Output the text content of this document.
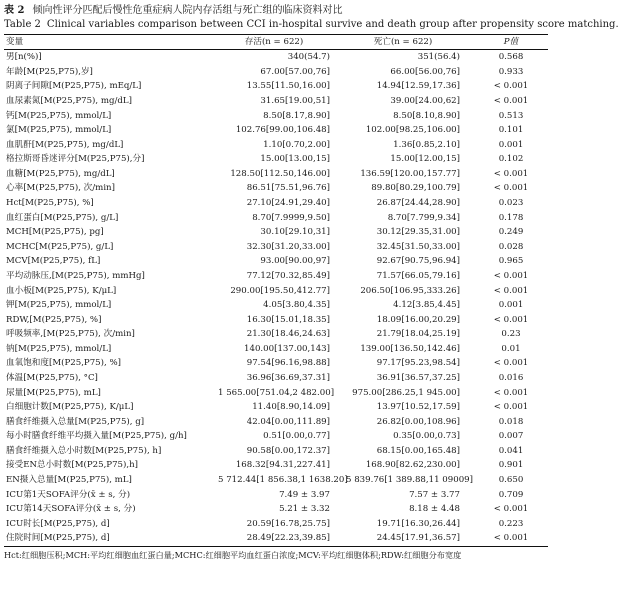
表 2 倾向性评分匹配后慢性危重症病人院内存活组与死亡组的临床资料对比
Table 2 Clinical variables comparison between CCI in-hospital survive and death group after propensity score matching.
变量	存活(n = 622)	死亡(n = 622)	P值
男[n(%)]	340(54.7)	351(56.4)	0.568
年龄[M(P25,P75),岁]	67.00[57.00,76]	66.00[56.00,76]	0.933
阴离子间隙[M(P25,P75), mEq/L]	13.55[11.50,16.00]	14.94[12.59,17.36]	< 0.001
血尿素氮[M(P25,P75), mg/dL]	31.65[19.00,51]	39.00[24.00,62]	< 0.001
钙[M(P25,P75), mmol/L]	8.50[8.17,8.90]	8.50[8.10,8.90]	0.513
氯[M(P25,P75), mmol/L]	102.76[99.00,106.48]	102.00[98.25,106.00]	0.101
血肌酐[M(P25,P75), mg/dL]	1.10[0.70,2.00]	1.36[0.85,2.10]	0.001
格拉斯哥昏迷评分[M(P25,P75),分]	15.00[13.00,15]	15.00[12.00,15]	0.102
血糖[M(P25,P75), mg/dL]	128.50[112.50,146.00]	136.59[120.00,157.77]	< 0.001
心率[M(P25,P75), 次/min]	86.51[75.51,96.76]	89.80[80.29,100.79]	< 0.001
Hct[M(P25,P75), %]	27.10[24.91,29.40]	26.87[24.44,28.90]	0.023
血红蛋白[M(P25,P75), g/L]	8.70[7.9999,9.50]	8.70[7.799,9.34]	0.178
MCH[M(P25,P75), pg]	30.10[29.10,31]	30.12[29.35,31.00]	0.249
MCHC[M(P25,P75), g/L]	32.30[31.20,33.00]	32.45[31.50,33.00]	0.028
MCV[M(P25,P75), fL]	93.00[90.00,97]	92.67[90.75,96.94]	0.965
平均动脉压,[M(P25,P75), mmHg]	77.12[70.32,85.49]	71.57[66.05,79.16]	< 0.001
血小板[M(P25,P75), K/μL]	290.00[195.50,412.77]	206.50[106.95,333.26]	< 0.001
钾[M(P25,P75), mmol/L]	4.05[3.80,4.35]	4.12[3.85,4.45]	0.001
RDW,[M(P25,P75), %]	16.30[15.01,18.35]	18.09[16.00,20.29]	< 0.001
呼吸频率,[M(P25,P75), 次/min]	21.30[18.46,24.63]	21.79[18.04,25.19]	0.23
钠[M(P25,P75), mmol/L]	140.00[137.00,143]	139.00[136.50,142.46]	0.01
血氧饱和度[M(P25,P75), %]	97.54[96.16,98.88]	97.17[95.23,98.54]	< 0.001
体温[M(P25,P75), °C]	36.96[36.69,37.31]	36.91[36.57,37.25]	0.016
尿量[M(P25,P75), mL]	1 565.00[751.04,2 482.00]	975.00[286.25,1 945.00]	< 0.001
白细胞计数[M(P25,P75), K/μL]	11.40[8.90,14.09]	13.97[10.52,17.59]	< 0.001
膳食纤维摄入总量[M(P25,P75), g]	42.04[0.00,111.89]	26.82[0.00,108.96]	0.018
每小时膳食纤维平均摄入量[M(P25,P75), g/h]	0.51[0.00,0.77]	0.35[0.00,0.73]	0.007
膳食纤维摄入总小时数[M(P25,P75), h]	90.58[0.00,172.37]	68.15[0.00,165.48]	0.041
接受EN总小时数[M(P25,P75),h]	168.32[94.31,227.41]	168.90[82.62,230.00]	0.901
EN摄入总量[M(P25,P75), mL]	5 712.44[1 856.38,1 1638.20]	5 839.76[1 389.88,11 09009]	0.650
ICU第1天SOFA评分(x̄ ± s, 分)	7.49 ± 3.97	7.57 ± 3.77	0.709
ICU第14天SOFA评分(x̄ ± s, 分)	5.21 ± 3.32	8.18 ± 4.48	< 0.001
ICU时长[M(P25,P75), d]	20.59[16.78,25.75]	19.71[16.30,26.44]	0.223
住院时间[M(P25,P75), d]	28.49[22.23,39.85]	24.45[17.91,36.57]	< 0.001
Hct:红细胞压积;MCH:平均红细胞血红蛋白量;MCHC:红细胞平均血红蛋白浓度;MCV:平均红细胞体积;RDW:红细胞分布宽度
